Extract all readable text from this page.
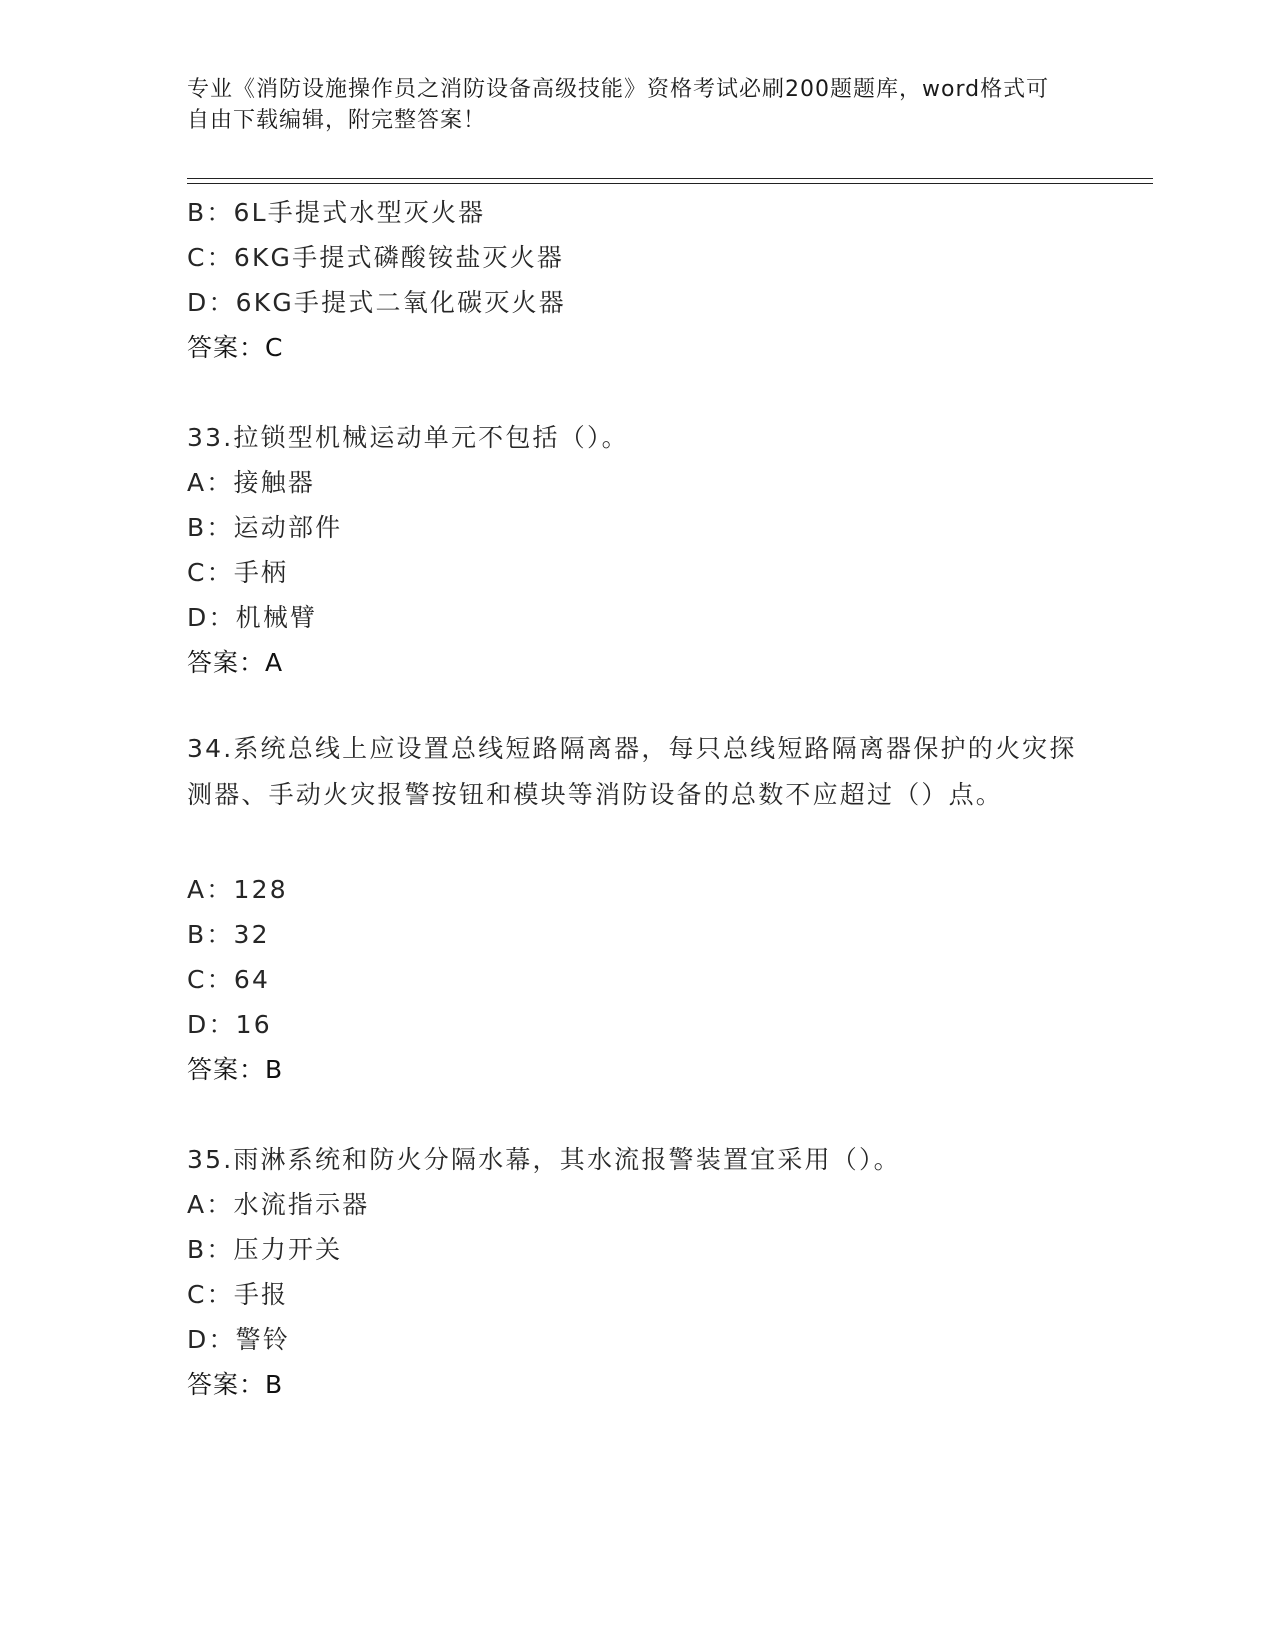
专业《消防设施操作员之消防设备高级技能》资格考试必刷200题题库，word格式可自由下载编辑，附完整答案！
B：6L手提式水型灭火器
C：6KG手提式磷酸铵盐灭火器
D：6KG手提式二氧化碳灭火器
答案：C
33.拉锁型机械运动单元不包括（）。
A：接触器
B：运动部件
C：手柄
D：机械臂
答案：A
34.系统总线上应设置总线短路隔离器，每只总线短路隔离器保护的火灾探测器、手动火灾报警按钮和模块等消防设备的总数不应超过（）点。
A：128
B：32
C：64
D：16
答案：B
35.雨淋系统和防火分隔水幕，其水流报警装置宜采用（）。
A：水流指示器
B：压力开关
C：手报
D：警铃
答案：B
